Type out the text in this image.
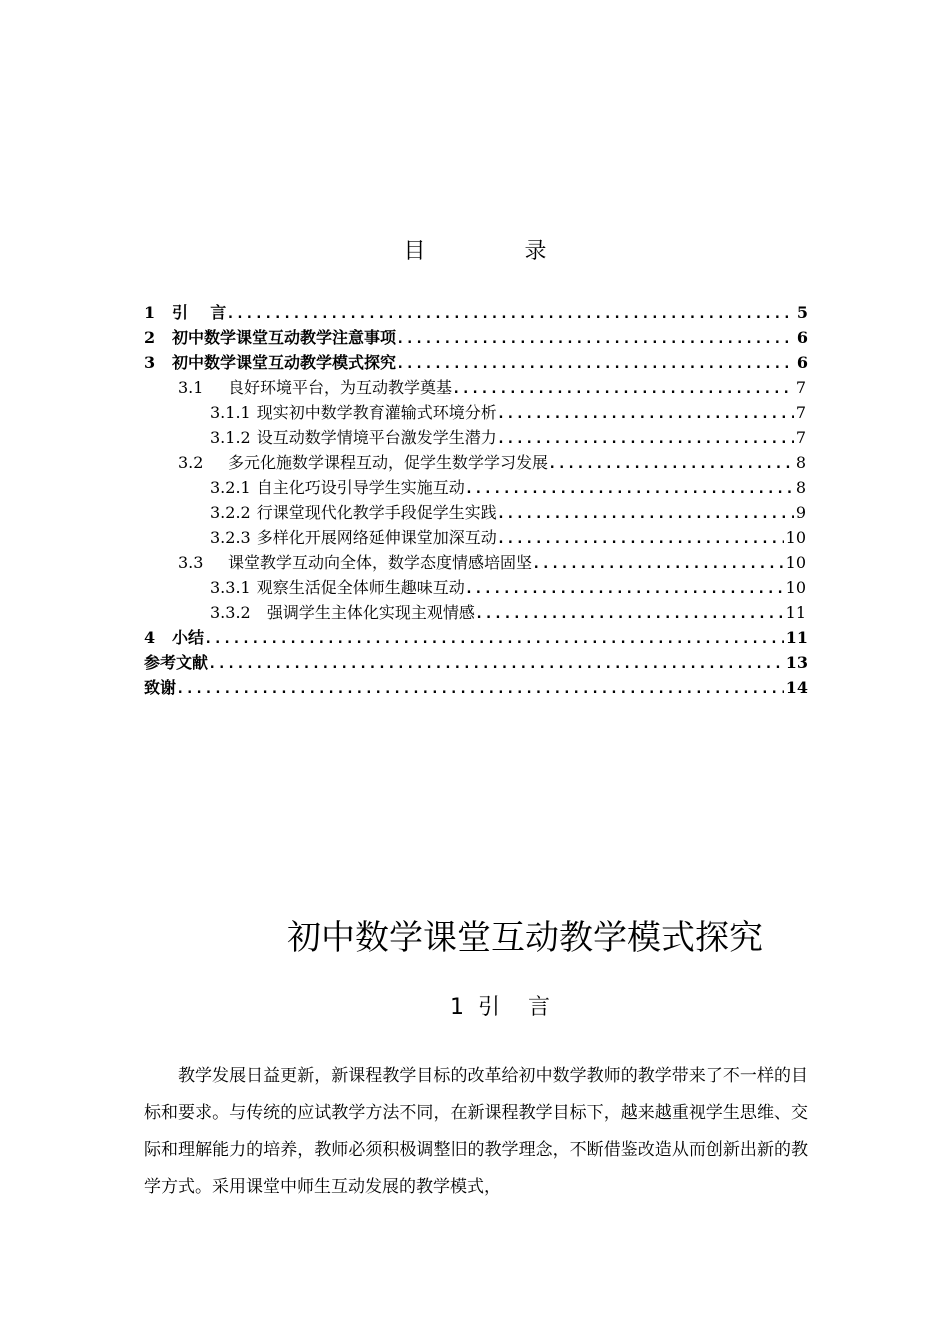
目 录
1	引    言 .....	5
2	初中数学课堂互动教学注意事项 .....	6
3	初中数学课堂互动教学模式探究 .....	6
3.1	良好环境平台，为互动教学奠基 .....	7
3.1.1 现实初中数学教育灌输式环境分析 .....	7
3.1.2 设互动数学情境平台激发学生潜力 .....	7
3.2	多元化施数学课程互动，促学生数学学习发展 .....	8
3.2.1 自主化巧设引导学生实施互动 .....	8
3.2.2 行课堂现代化教学手段促学生实践 .....	9
3.2.3 多样化开展网络延伸课堂加深互动 .....	10
3.3	课堂教学互动向全体，数学态度情感培固坚 .....	10
3.3.1 观察生活促全体师生趣味互动 .....	10
3.3.2 强调学生主体化实现主观情感 .....	11
4	小结 .....	11
参考文献 .....	13
致谢 .....	14
初中数学课堂互动教学模式探究
1  引    言
教学发展日益更新，新课程教学目标的改革给初中数学教师的教学带来了不一样的目标和要求。与传统的应试教学方法不同，在新课程教学目标下，越来越重视学生思维、交际和理解能力的培养，教师必须积极调整旧的教学理念，不断借鉴改造从而创新出新的教学方式。采用课堂中师生互动发展的教学模式，
